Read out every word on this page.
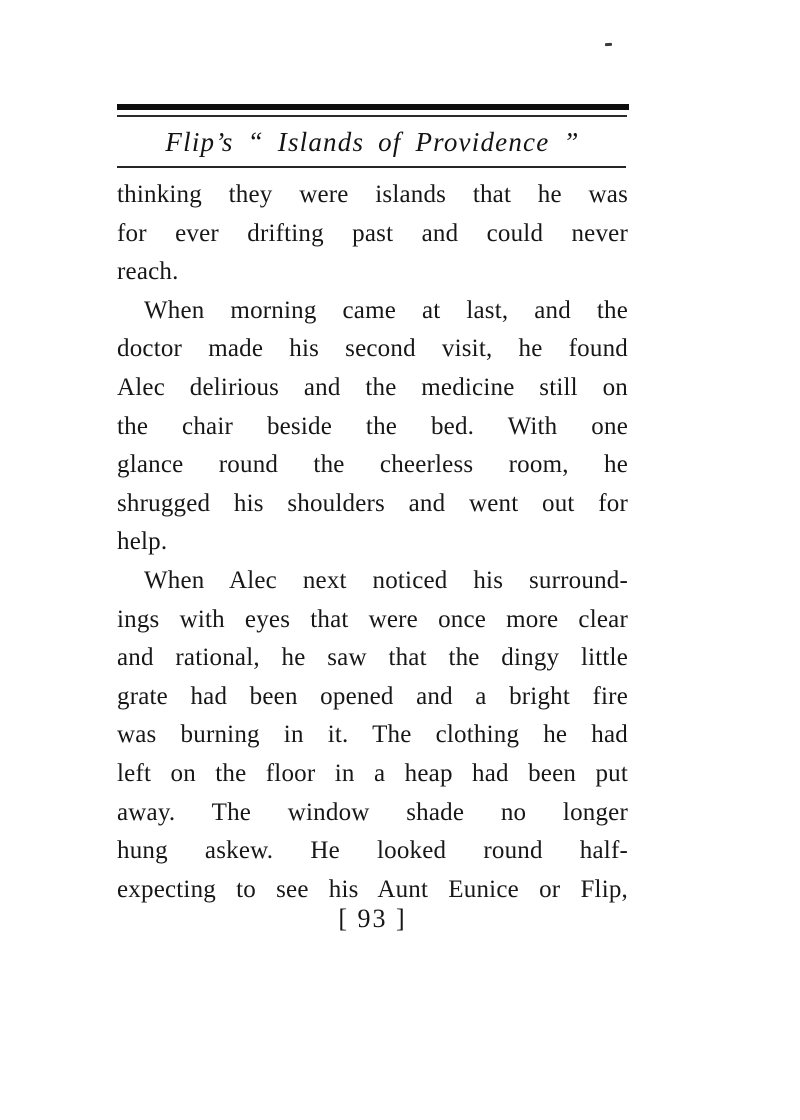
Flip’s “ Islands of Providence ”
thinking they were islands that he was
for ever drifting past and could never
reach.
When morning came at last, and the
doctor made his second visit, he found
Alec delirious and the medicine still on
the chair beside the bed. With one
glance round the cheerless room, he
shrugged his shoulders and went out for
help.
When Alec next noticed his surround-
ings with eyes that were once more clear
and rational, he saw that the dingy little
grate had been opened and a bright fire
was burning in it. The clothing he had
left on the floor in a heap had been put
away. The window shade no longer
hung askew. He looked round half-
expecting to see his Aunt Eunice or Flip,
[ 93 ]
